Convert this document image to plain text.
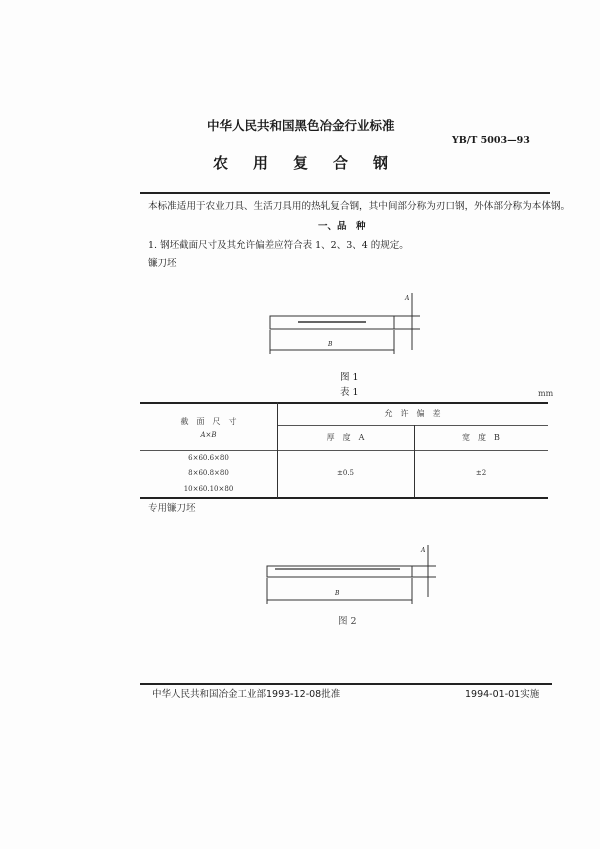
中华人民共和国黑色冶金行业标准
YB/T 5003—93
农 用 复 合 钢
本标准适用于农业刀具、生活刀具用的热轧复合钢，其中间部分称为刃口钢，外体部分称为本体钢。
一、品　种
1. 钢坯截面尺寸及其允许偏差应符合表 1、2、3、4 的规定。
镰刀坯
B
A
图 1
表 1	mm
截　面　尺　寸
A×B
允　许　偏　差
厚　度　A	宽　度　B
6×60.6×80
8×60.8×80
10×60.10×80
±0.5	±2
专用镰刀坯
B
A
图 2
中华人民共和国冶金工业部1993-12-08批准	1994-01-01实施
